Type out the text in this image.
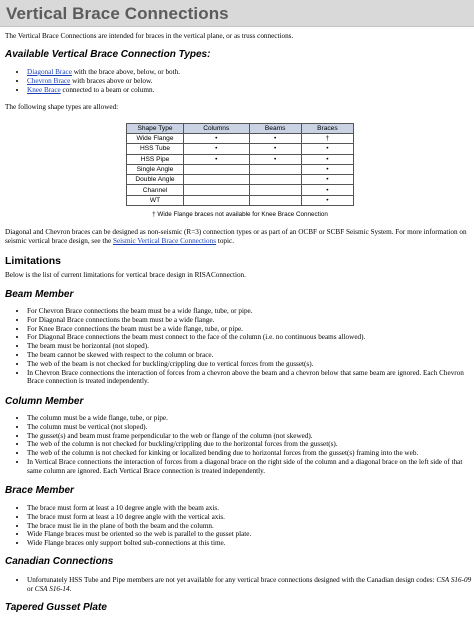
Vertical Brace Connections

The Vertical Brace Connections are intended for braces in the vertical plane, or as truss connections.

Available Vertical Brace Connection Types:
• Diagonal Brace with the brace above, below, or both.
• Chevron Brace with braces above or below.
• Knee Brace connected to a beam or column.

The following shape types are allowed:

Shape Type	Columns	Beams	Braces
Wide Flange	•	•	†
HSS Tube	•	•	•
HSS Pipe	•	•	•
Single Angle			•
Double Angle			•
Channel			•
WT			•
† Wide Flange braces not available for Knee Brace Connection

Diagonal and Chevron braces can be designed as non-seismic (R=3) connection types or as part of an OCBF or SCBF Seismic System. For more information on seismic vertical brace design, see the Seismic Vertical Brace Connections topic.

Limitations

Below is the list of current limitations for vertical brace design in RISAConnection.

Beam Member
• For Chevron Brace connections the beam must be a wide flange, tube, or pipe.
• For Diagonal Brace connections the beam must be a wide flange.
• For Knee Brace connections the beam must be a wide flange, tube, or pipe.
• For Diagonal Brace connections the beam must connect to the face of the column (i.e. no continuous beams allowed).
• The beam must be horizontal (not sloped).
• The beam cannot be skewed with respect to the column or brace.
• The web of the beam is not checked for buckling/crippling due to vertical forces from the gusset(s).
• In Chevron Brace connections the interaction of forces from a chevron above the beam and a chevron below that same beam are ignored. Each Chevron Brace connection is treated independently.
Column Member
• The column must be a wide flange, tube, or pipe.
• The column must be vertical (not sloped).
• The gusset(s) and beam must frame perpendicular to the web or flange of the column (not skewed).
• The web of the column is not checked for buckling/crippling due to the horizontal forces from the gusset(s).
• The web of the column is not checked for kinking or localized bending due to horizontal forces from the gusset(s) framing into the web.
• In Vertical Brace connections the interaction of forces from a diagonal brace on the right side of the column and a diagonal brace on the left side of that same column are ignored. Each Vertical Brace connection is treated independently.
Brace Member
• The brace must form at least a 10 degree angle with the beam axis.
• The brace must form at least a 10 degree angle with the vertical axis.
• The brace must lie in the plane of both the beam and the column.
• Wide Flange braces must be oriented so the web is parallel to the gusset plate.
• Wide Flange braces only support bolted sub-connections at this time.
Canadian Connections
• Unfortunately HSS Tube and Pipe members are not yet available for any vertical brace connections designed with the Canadian design codes: CSA S16-09 or CSA S16-14.
Tapered Gusset Plate
